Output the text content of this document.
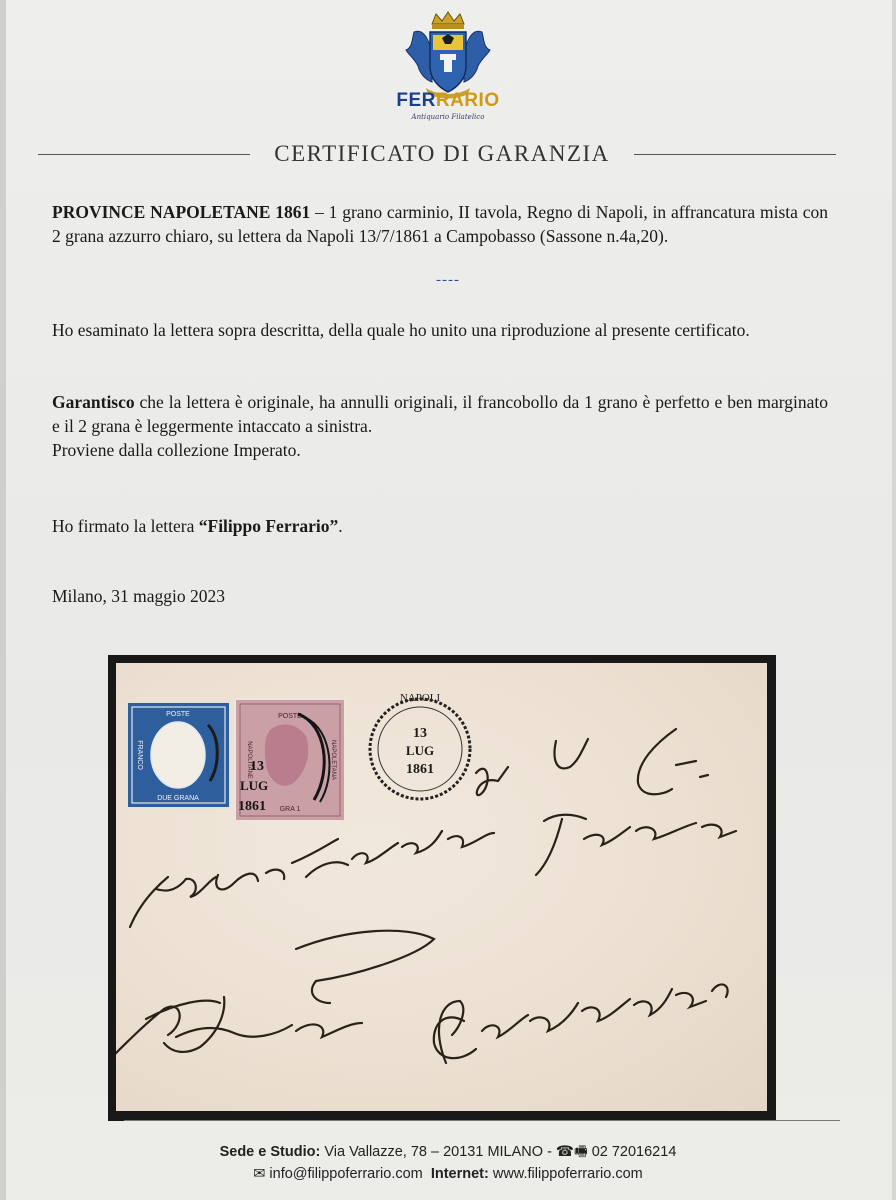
FERRARIO
Antiquario Filatelico
CERTIFICATO DI GARANZIA
PROVINCE NAPOLETANE 1861 – 1 grano carminio, II tavola, Regno di Napoli, in affrancatura mista con 2 grana azzurro chiaro, su lettera da Napoli 13/7/1861 a Campobasso (Sassone n.4a,20).
----
Ho esaminato la lettera sopra descritta, della quale ho unito una riproduzione al presente certificato.
Garantisco che la lettera è originale, ha annulli originali, il francobollo da 1 grano è perfetto e ben marginato e il 2 grana è leggermente intaccato a sinistra.
Proviene dalla collezione Imperato.
Ho firmato la lettera “Filippo Ferrario”.
Milano, 31 maggio 2023
POSTE
FRANCO
DUE GRANA
POSTE
NAPOLITANE	NAPOLETANA
GRA 1
13
LUG
1861
NAPOLI
13
LUG
1861
Sede e Studio: Via Vallazze, 78 – 20131 MILANO - ☎🖷 02 72016214
✉ info@filippoferrario.com Internet: www.filippoferrario.com
